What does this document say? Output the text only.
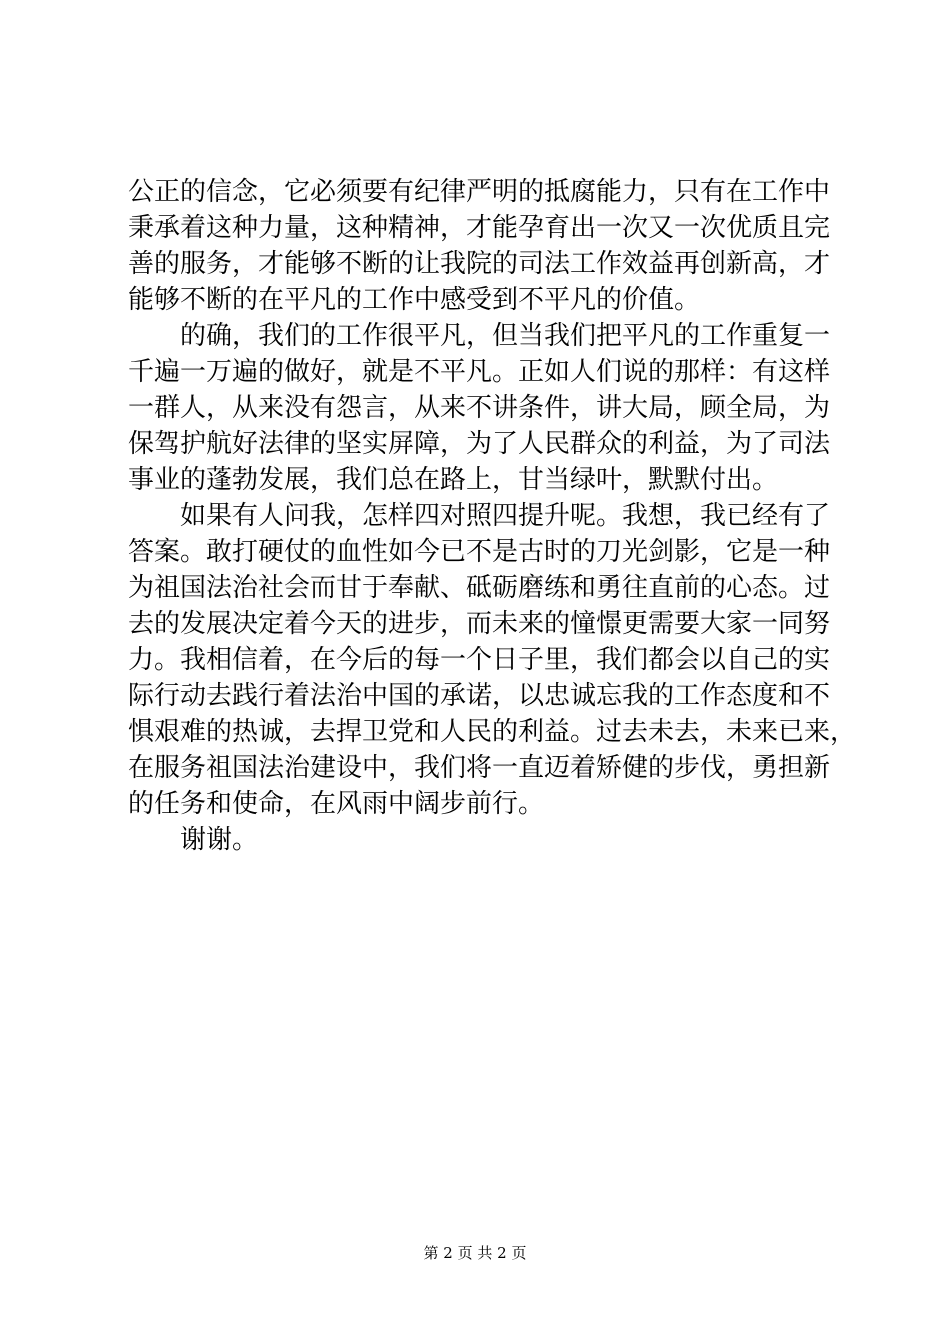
公正的信念，它必须要有纪律严明的抵腐能力，只有在工作中
秉承着这种力量，这种精神，才能孕育出一次又一次优质且完
善的服务，才能够不断的让我院的司法工作效益再创新高，才
能够不断的在平凡的工作中感受到不平凡的价值。
的确，我们的工作很平凡，但当我们把平凡的工作重复一
千遍一万遍的做好，就是不平凡。正如人们说的那样：有这样
一群人，从来没有怨言，从来不讲条件，讲大局，顾全局，为
保驾护航好法律的坚实屏障，为了人民群众的利益，为了司法
事业的蓬勃发展，我们总在路上，甘当绿叶，默默付出。
如果有人问我，怎样四对照四提升呢。我想，我已经有了
答案。敢打硬仗的血性如今已不是古时的刀光剑影，它是一种
为祖国法治社会而甘于奉献、砥砺磨练和勇往直前的心态。过
去的发展决定着今天的进步，而未来的憧憬更需要大家一同努
力。我相信着，在今后的每一个日子里，我们都会以自己的实
际行动去践行着法治中国的承诺，以忠诚忘我的工作态度和不
惧艰难的热诚，去捍卫党和人民的利益。过去未去，未来已来，
在服务祖国法治建设中，我们将一直迈着矫健的步伐，勇担新
的任务和使命，在风雨中阔步前行。
谢谢。
第 2 页 共 2 页
